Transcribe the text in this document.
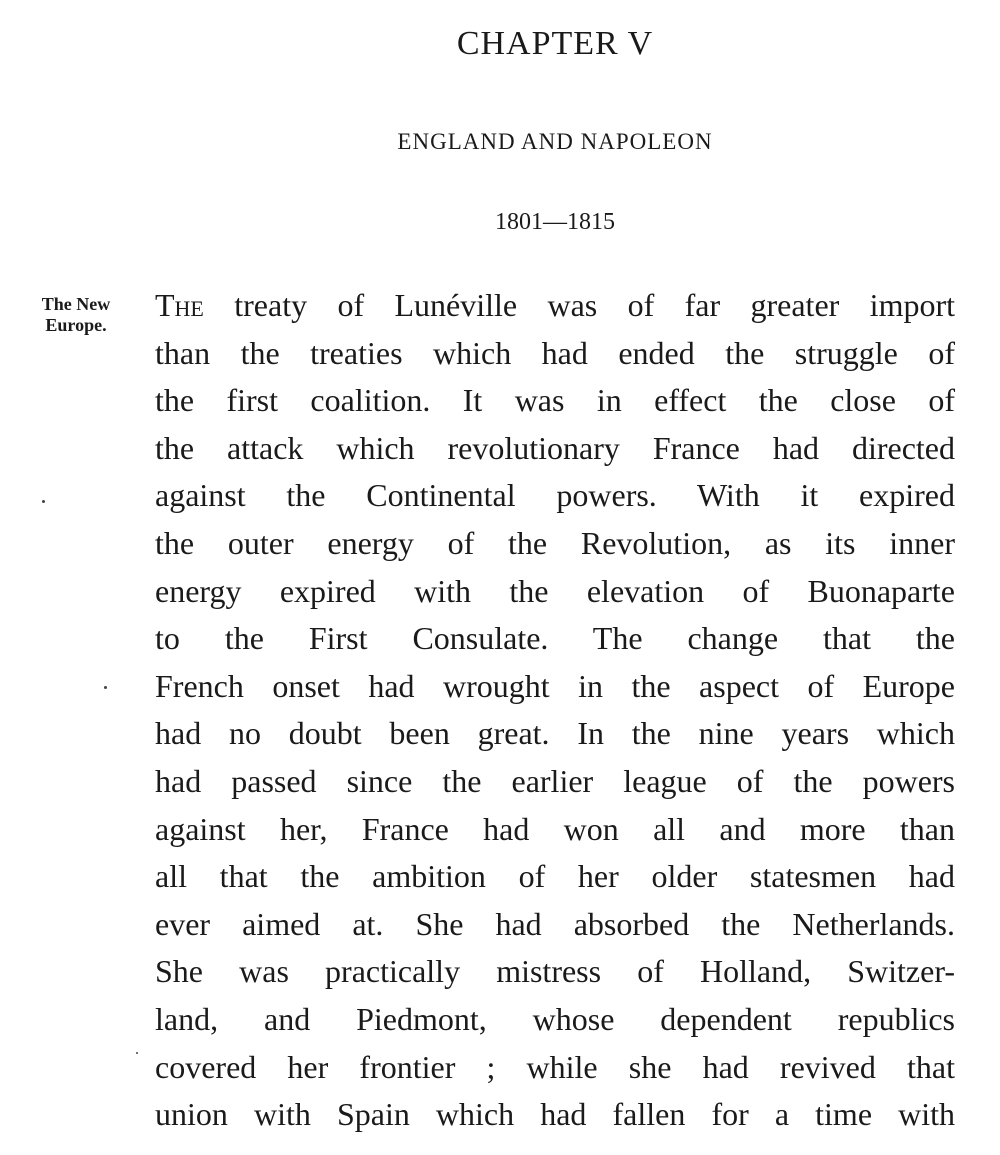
CHAPTER V
ENGLAND AND NAPOLEON
1801—1815
The New
Europe.
The treaty of Lunéville was of far greater import
than the treaties which had ended the struggle of
the first coalition. It was in effect the close of
the attack which revolutionary France had directed
against the Continental powers. With it expired
the outer energy of the Revolution, as its inner
energy expired with the elevation of Buonaparte
to the First Consulate. The change that the
French onset had wrought in the aspect of Europe
had no doubt been great. In the nine years which
had passed since the earlier league of the powers
against her, France had won all and more than
all that the ambition of her older statesmen had
ever aimed at. She had absorbed the Netherlands.
She was practically mistress of Holland, Switzer-
land, and Piedmont, whose dependent republics
covered her frontier ; while she had revived that
union with Spain which had fallen for a time with
